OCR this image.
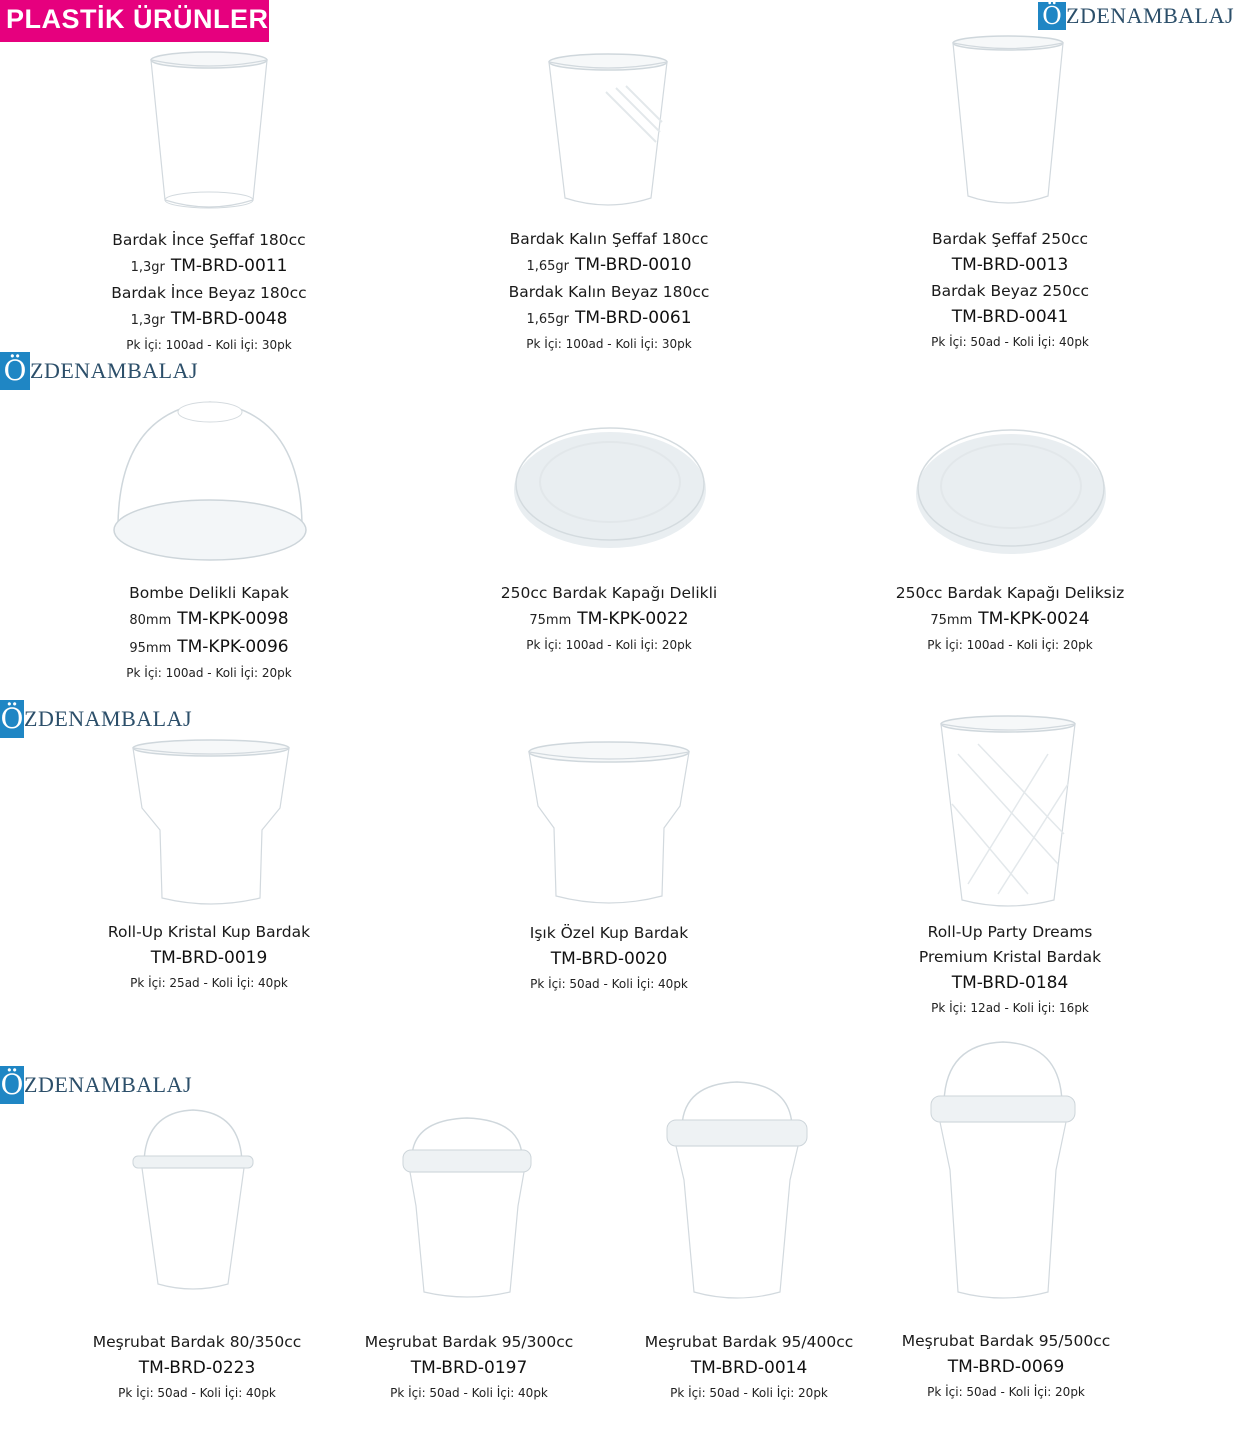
PLASTİK ÜRÜNLER	Ö ZDENAMBALAJ
Ö ZDENAMBALAJ
Ö ZDENAMBALAJ
Ö ZDENAMBALAJ
Bardak İnce Şeffaf 180cc
1,3gr TM-BRD-0011
Bardak İnce Beyaz 180cc
1,3gr TM-BRD-0048
Pk İçi: 100ad - Koli İçi: 30pk
Bardak Kalın Şeffaf 180cc
1,65gr TM-BRD-0010
Bardak Kalın Beyaz 180cc
1,65gr TM-BRD-0061
Pk İçi: 100ad - Koli İçi: 30pk
Bardak Şeffaf 250cc
TM-BRD-0013
Bardak Beyaz 250cc
TM-BRD-0041
Pk İçi: 50ad - Koli İçi: 40pk
Bombe Delikli Kapak
80mm TM-KPK-0098
95mm TM-KPK-0096
Pk İçi: 100ad - Koli İçi: 20pk
250cc Bardak Kapağı Delikli
75mm TM-KPK-0022
Pk İçi: 100ad - Koli İçi: 20pk
250cc Bardak Kapağı Deliksiz
75mm TM-KPK-0024
Pk İçi: 100ad - Koli İçi: 20pk
Roll-Up Kristal Kup Bardak
TM-BRD-0019
Pk İçi: 25ad - Koli İçi: 40pk
Işık Özel Kup Bardak
TM-BRD-0020
Pk İçi: 50ad - Koli İçi: 40pk
Roll-Up Party Dreams
Premium Kristal Bardak
TM-BRD-0184
Pk İçi: 12ad - Koli İçi: 16pk
Meşrubat Bardak 80/350cc
TM-BRD-0223
Pk İçi: 50ad - Koli İçi: 40pk
Meşrubat Bardak 95/300cc
TM-BRD-0197
Pk İçi: 50ad - Koli İçi: 40pk
Meşrubat Bardak 95/400cc
TM-BRD-0014
Pk İçi: 50ad - Koli İçi: 20pk
Meşrubat Bardak 95/500cc
TM-BRD-0069
Pk İçi: 50ad - Koli İçi: 20pk
